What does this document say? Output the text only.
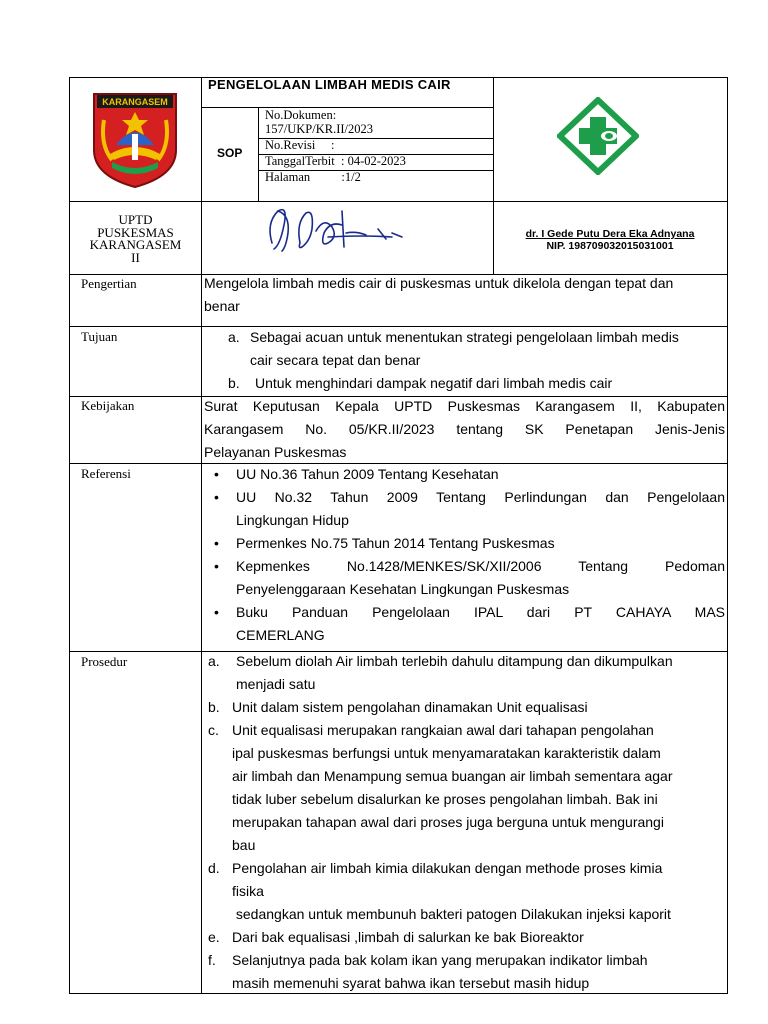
KARANGASEM
PENGELOLAAN LIMBAH MEDIS CAIR
SOP
No.Dokumen:
157/UKP/KR.II/2023
No.Revisi     :
TanggalTerbit  : 04-02-2023
Halaman          :1/2
UPTD
PUSKESMAS
KARANGASEM
II
dr. I Gede Putu Dera Eka Adnyana
NIP. 198709032015031001
Pengertian
Tujuan
Kebijakan
Referensi
Prosedur
Mengelola limbah medis cair di puskesmas untuk dikelola dengan tepat dan
benar
a. Sebagai acuan untuk menentukan strategi pengelolaan limbah medis
cair secara tepat dan benar
b. Untuk menghindari dampak negatif dari limbah medis cair
Surat Keputusan Kepala UPTD Puskesmas Karangasem II, Kabupaten
Karangasem No. 05/KR.II/2023 tentang SK Penetapan Jenis-Jenis
Pelayanan Puskesmas
• UU No.36 Tahun 2009 Tentang Kesehatan
• UU No.32 Tahun 2009 Tentang Perlindungan dan Pengelolaan
Lingkungan Hidup
• Permenkes No.75 Tahun 2014 Tentang Puskesmas
• Kepmenkes No.1428/MENKES/SK/XII/2006 Tentang Pedoman
Penyelenggaraan Kesehatan Lingkungan Puskesmas
• Buku Panduan Pengelolaan IPAL dari PT CAHAYA MAS
CEMERLANG
a. Sebelum diolah Air limbah terlebih dahulu ditampung dan dikumpulkan
menjadi satu
b. Unit dalam sistem pengolahan dinamakan Unit equalisasi
c. Unit equalisasi merupakan rangkaian awal dari tahapan pengolahan
ipal puskesmas berfungsi untuk menyamaratakan karakteristik dalam
air limbah dan Menampung semua buangan air limbah sementara agar
tidak luber sebelum disalurkan ke proses pengolahan limbah. Bak ini
merupakan tahapan awal dari proses juga berguna untuk mengurangi
bau
d. Pengolahan air limbah kimia dilakukan dengan methode proses kimia
fisika
sedangkan untuk membunuh bakteri patogen Dilakukan injeksi kaporit
e. Dari bak equalisasi ,limbah di salurkan ke bak Bioreaktor
f. Selanjutnya pada bak kolam ikan yang merupakan indikator limbah
masih memenuhi syarat bahwa ikan tersebut masih hidup
